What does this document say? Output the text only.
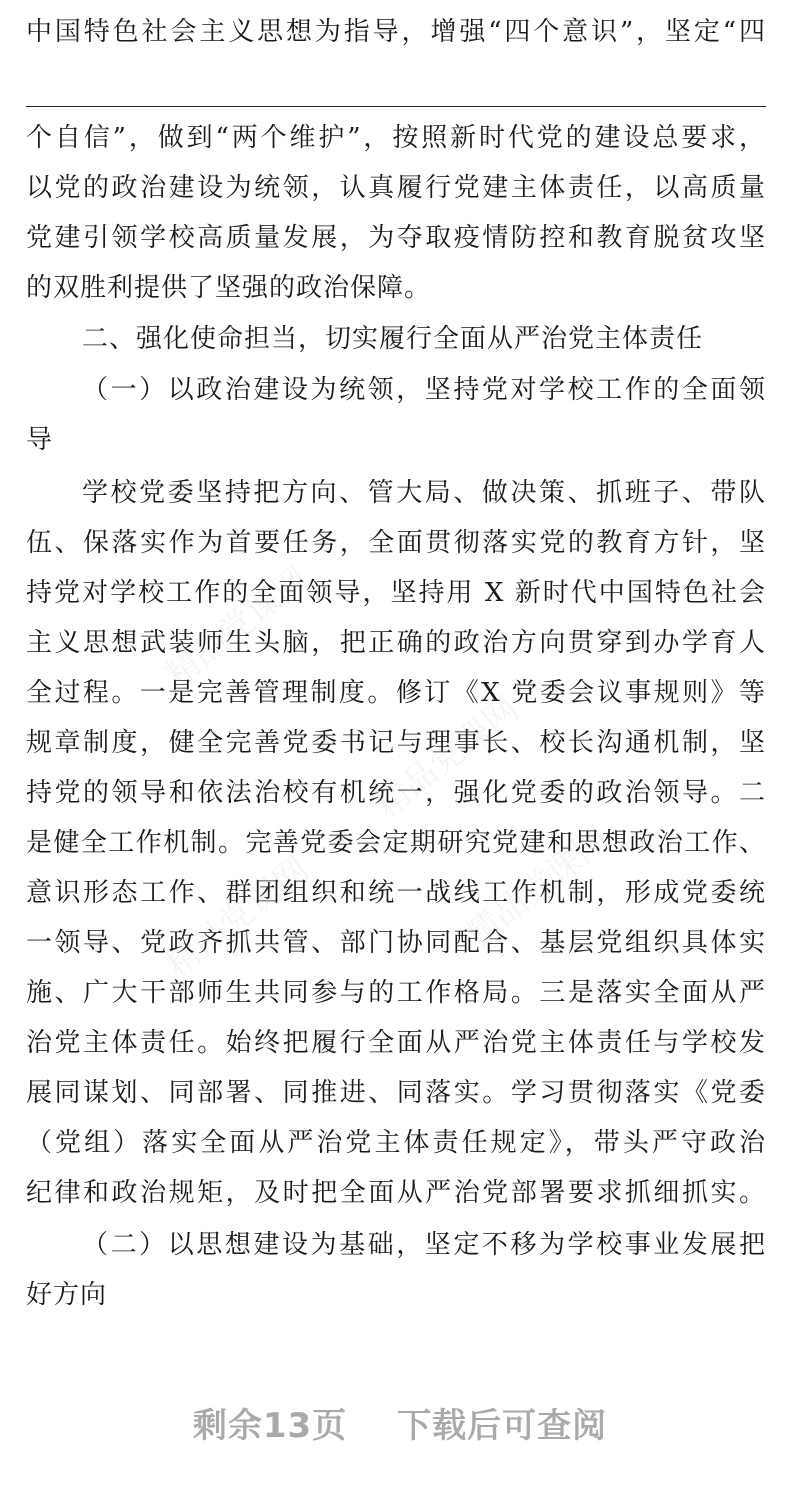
中国特色社会主义思想为指导，增强“四个意识”，坚定“四
个自信”，做到“两个维护”，按照新时代党的建设总要求，
以党的政治建设为统领，认真履行党建主体责任，以高质量
党建引领学校高质量发展，为夺取疫情防控和教育脱贫攻坚
的双胜利提供了坚强的政治保障。
二、强化使命担当，切实履行全面从严治党主体责任
（一）以政治建设为统领，坚持党对学校工作的全面领
导
学校党委坚持把方向、管大局、做决策、抓班子、带队
伍、保落实作为首要任务，全面贯彻落实党的教育方针，坚
持党对学校工作的全面领导，坚持用 X 新时代中国特色社会
主义思想武装师生头脑，把正确的政治方向贯穿到办学育人
全过程。一是完善管理制度。修订《X 党委会议事规则》等
规章制度，健全完善党委书记与理事长、校长沟通机制，坚
持党的领导和依法治校有机统一，强化党委的政治领导。二
是健全工作机制。完善党委会定期研究党建和思想政治工作、
意识形态工作、群团组织和统一战线工作机制，形成党委统
一领导、党政齐抓共管、部门协同配合、基层党组织具体实
施、广大干部师生共同参与的工作格局。三是落实全面从严
治党主体责任。始终把履行全面从严治党主体责任与学校发
展同谋划、同部署、同推进、同落实。学习贯彻落实《党委
（党组）落实全面从严治党主体责任规定》，带头严守政治
纪律和政治规矩，及时把全面从严治党部署要求抓细抓实。
（二）以思想建设为基础，坚定不移为学校事业发展把
好方向
精品党课网
精品党课网
精品党课网	精品党课网
剩余13页 下载后可查阅
